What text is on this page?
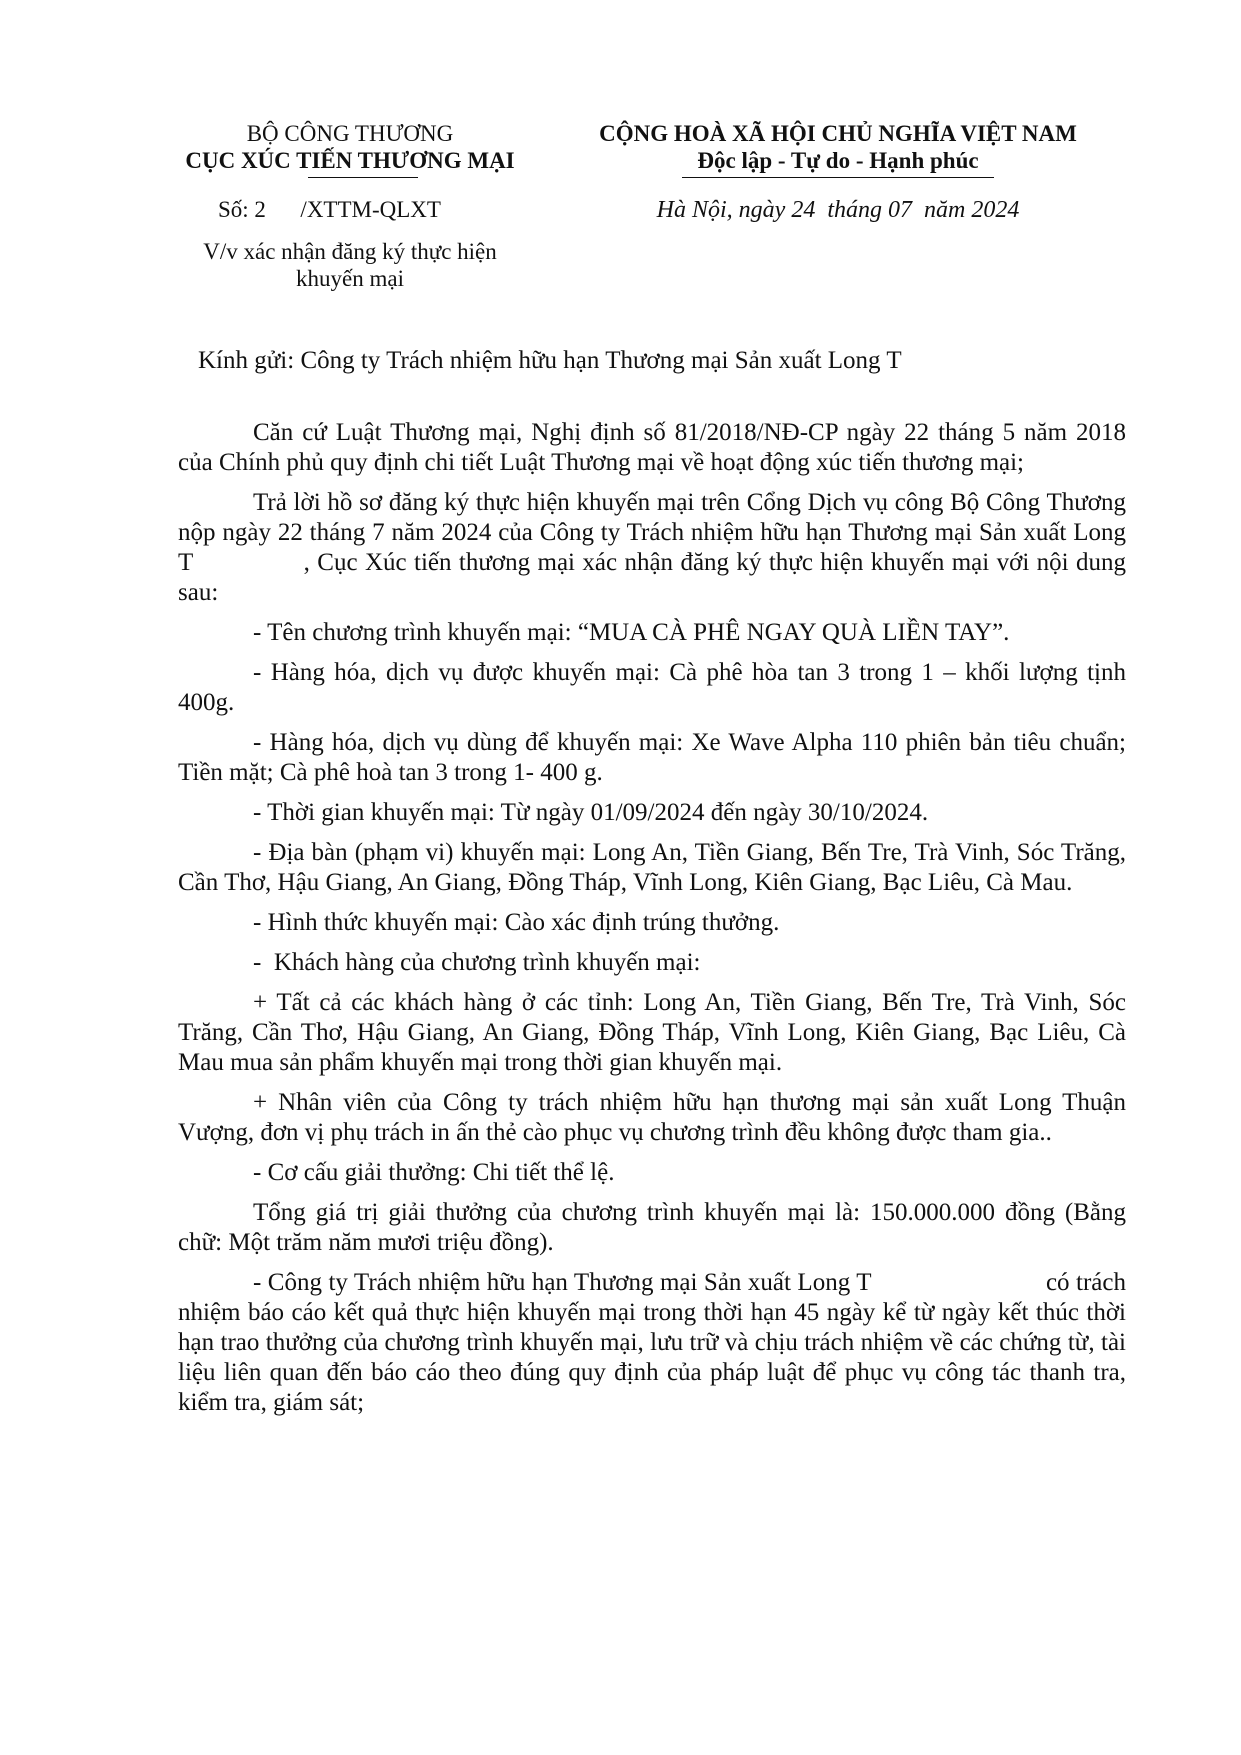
BỘ CÔNG THƯƠNG
CỤC XÚC TIẾN THƯƠNG MẠI
Số: 2      /XTTM-QLXT
V/v xác nhận đăng ký thực hiện
khuyến mại
CỘNG HOÀ XÃ HỘI CHỦ NGHĨA VIỆT NAM
Độc lập - Tự do - Hạnh phúc
Hà Nội, ngày 24  tháng 07  năm 2024
Kính gửi: Công ty Trách nhiệm hữu hạn Thương mại Sản xuất Long T

Căn cứ Luật Thương mại, Nghị định số 81/2018/NĐ-CP ngày 22 tháng 5 năm 2018 của Chính phủ quy định chi tiết Luật Thương mại về hoạt động xúc tiến thương mại;

Trả lời hồ sơ đăng ký thực hiện khuyến mại trên Cổng Dịch vụ công Bộ Công Thương nộp ngày 22 tháng 7 năm 2024 của Công ty Trách nhiệm hữu hạn Thương mại Sản xuất Long T               , Cục Xúc tiến thương mại xác nhận đăng ký thực hiện khuyến mại với nội dung sau:

- Tên chương trình khuyến mại: “MUA CÀ PHÊ NGAY QUÀ LIỀN TAY”.

- Hàng hóa, dịch vụ được khuyến mại: Cà phê hòa tan 3 trong 1 – khối lượng tịnh 400g.

- Hàng hóa, dịch vụ dùng để khuyến mại: Xe Wave Alpha 110 phiên bản tiêu chuẩn; Tiền mặt; Cà phê hoà tan 3 trong 1- 400 g.

- Thời gian khuyến mại: Từ ngày 01/09/2024 đến ngày 30/10/2024.

- Địa bàn (phạm vi) khuyến mại: Long An, Tiền Giang, Bến Tre, Trà Vinh, Sóc Trăng, Cần Thơ, Hậu Giang, An Giang, Đồng Tháp, Vĩnh Long, Kiên Giang, Bạc Liêu, Cà Mau.

- Hình thức khuyến mại: Cào xác định trúng thưởng.

-  Khách hàng của chương trình khuyến mại:

+ Tất cả các khách hàng ở các tỉnh: Long An, Tiền Giang, Bến Tre, Trà Vinh, Sóc Trăng, Cần Thơ, Hậu Giang, An Giang, Đồng Tháp, Vĩnh Long, Kiên Giang, Bạc Liêu, Cà Mau mua sản phẩm khuyến mại trong thời gian khuyến mại.

+ Nhân viên của Công ty trách nhiệm hữu hạn thương mại sản xuất Long Thuận Vượng, đơn vị phụ trách in ấn thẻ cào phục vụ chương trình đều không được tham gia..

- Cơ cấu giải thưởng: Chi tiết thể lệ.

Tổng giá trị giải thưởng của chương trình khuyến mại là: 150.000.000 đồng (Bằng chữ: Một trăm năm mươi triệu đồng).

- Công ty Trách nhiệm hữu hạn Thương mại Sản xuất Long T                           có trách nhiệm báo cáo kết quả thực hiện khuyến mại trong thời hạn 45 ngày kể từ ngày kết thúc thời hạn trao thưởng của chương trình khuyến mại, lưu trữ và chịu trách nhiệm về các chứng từ, tài liệu liên quan đến báo cáo theo đúng quy định của pháp luật để phục vụ công tác thanh tra, kiểm tra, giám sát;
